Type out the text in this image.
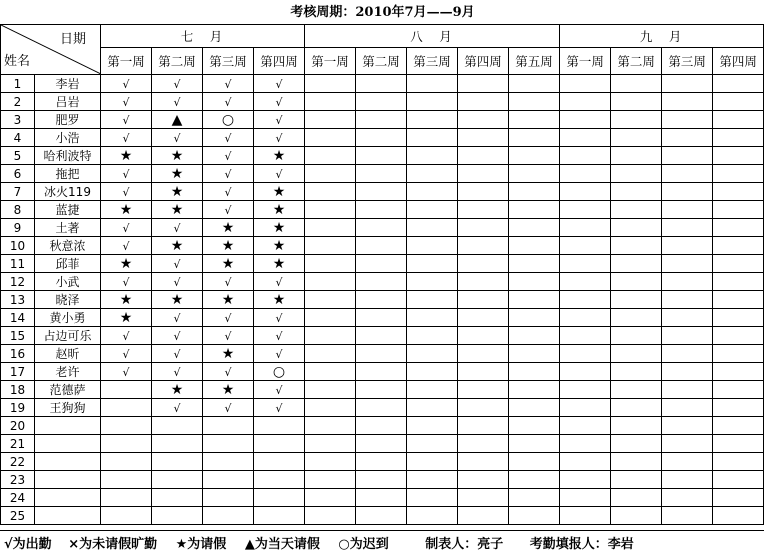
考核周期：2010年7月——9月
日期
姓名		七　月				八　月					九　月			
		第一周	第二周	第三周	第四周	第一周	第二周	第三周	第四周	第五周	第一周	第二周	第三周	第四周
1	李岩	√	√	√	√									
2	吕岩	√	√	√	√									
3	肥罗	√	▲	○	√									
4	小浩	√	√	√	√									
5	哈利波特	★	★	√	★									
6	拖把	√	★	√	√									
7	冰火119	√	★	√	★									
8	蓝捷	★	★	√	★									
9	土著	√	√	★	★									
10	秋意浓	√	★	★	★									
11	邱菲	★	√	★	★									
12	小武	√	√	√	√									
13	晓泽	★	★	★	★									
14	黄小勇	★	√	√	√									
15	占边可乐	√	√	√	√									
16	赵昕	√	√	★	√									
17	老许	√	√	√	○									
18	范德萨		★	★	√									
19	王狗狗		√	√	√									
20														
21														
22														
23														
24														
25														
√为出勤 ×为未请假旷勤 ★为请假 ▲为当天请假 ○为迟到	制表人：亮子 考勤填报人：李岩
